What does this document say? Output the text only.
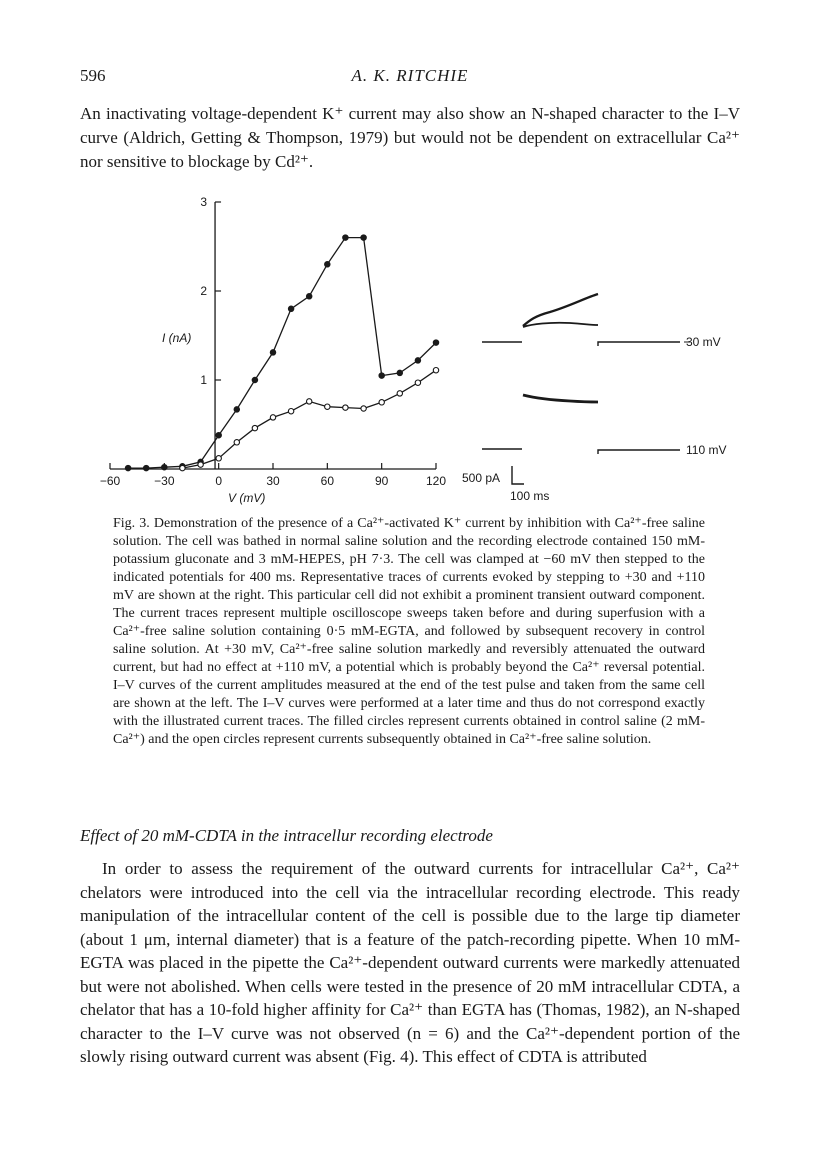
596	A. K. RITCHIE

An inactivating voltage-dependent K⁺ current may also show an N-shaped character to the I–V curve (Aldrich, Getting & Thompson, 1979) but would not be dependent on extracellular Ca²⁺ nor sensitive to blockage by Cd²⁺.

−60	−30	0	30	60	90	120
1
2
3
I (nA)
V (mV)
30 mV
110 mV
500 pA
100 ms
Fig. 3. Demonstration of the presence of a Ca²⁺-activated K⁺ current by inhibition with Ca²⁺-free saline solution. The cell was bathed in normal saline solution and the recording electrode contained 150 mM-potassium gluconate and 3 mM-HEPES, pH 7·3. The cell was clamped at −60 mV then stepped to the indicated potentials for 400 ms. Representative traces of currents evoked by stepping to +30 and +110 mV are shown at the right. This particular cell did not exhibit a prominent transient outward component. The current traces represent multiple oscilloscope sweeps taken before and during superfusion with a Ca²⁺-free saline solution containing 0·5 mM-EGTA, and followed by subsequent recovery in control saline solution. At +30 mV, Ca²⁺-free saline solution markedly and reversibly attenuated the outward current, but had no effect at +110 mV, a potential which is probably beyond the Ca²⁺ reversal potential. I–V curves of the current amplitudes measured at the end of the test pulse and taken from the same cell are shown at the left. The I–V curves were performed at a later time and thus do not correspond exactly with the illustrated current traces. The filled circles represent currents obtained in control saline (2 mM-Ca²⁺) and the open circles represent currents subsequently obtained in Ca²⁺-free saline solution.
Effect of 20 mM-CDTA in the intracellur recording electrode

In order to assess the requirement of the outward currents for intracellular Ca²⁺, Ca²⁺ chelators were introduced into the cell via the intracellular recording electrode. This ready manipulation of the intracellular content of the cell is possible due to the large tip diameter (about 1 μm, internal diameter) that is a feature of the patch-recording pipette. When 10 mM-EGTA was placed in the pipette the Ca²⁺-dependent outward currents were markedly attenuated but were not abolished. When cells were tested in the presence of 20 mM intracellular CDTA, a chelator that has a 10-fold higher affinity for Ca²⁺ than EGTA has (Thomas, 1982), an N-shaped character to the I–V curve was not observed (n = 6) and the Ca²⁺-dependent portion of the slowly rising outward current was absent (Fig. 4). This effect of CDTA is attributed
